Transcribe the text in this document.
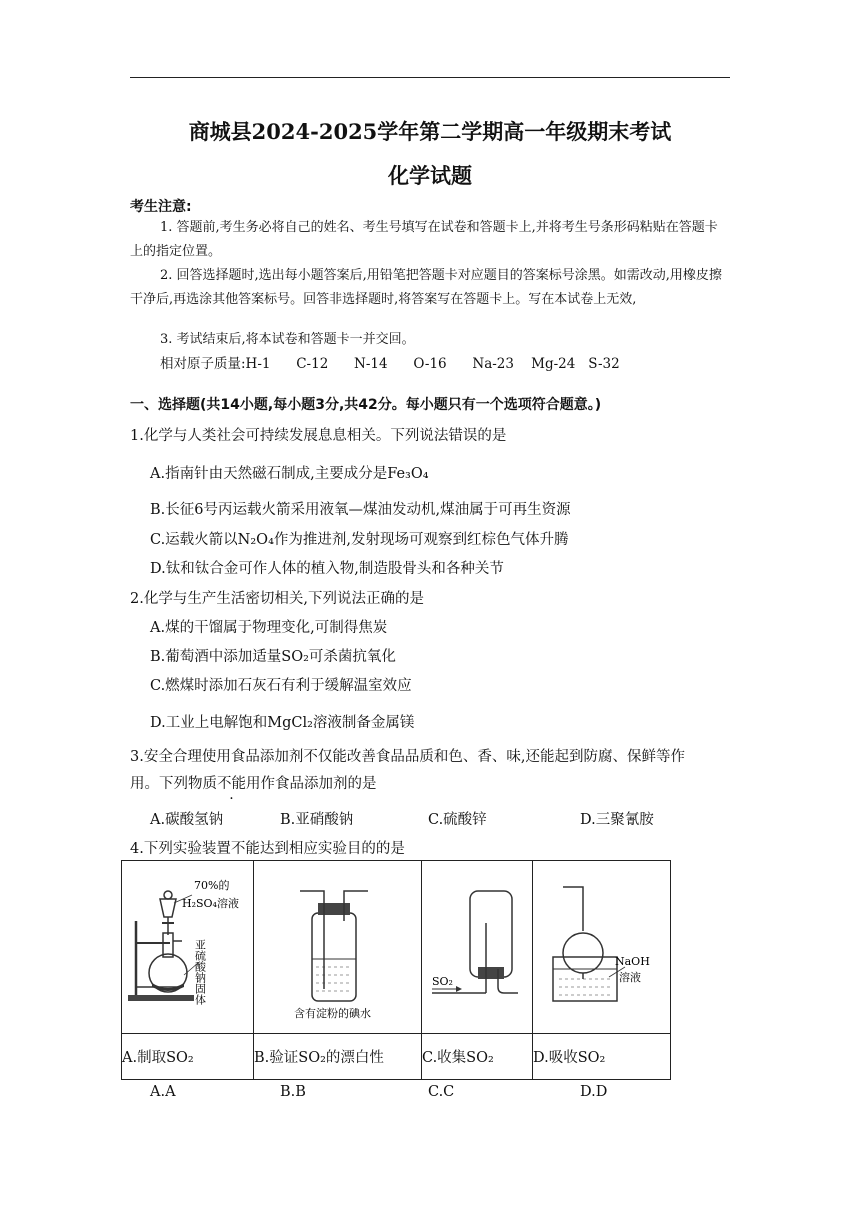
商城县2024-2025学年第二学期高一年级期末考试
化学试题
考生注意:
1. 答题前,考生务必将自己的姓名、考生号填写在试卷和答题卡上,并将考生号条形码粘贴在答题卡上的指定位置。
2. 回答选择题时,选出每小题答案后,用铅笔把答题卡对应题目的答案标号涂黑。如需改动,用橡皮擦干净后,再选涂其他答案标号。回答非选择题时,将答案写在答题卡上。写在本试卷上无效,
3. 考试结束后,将本试卷和答题卡一并交回。
相对原子质量:H-1      C-12      N-14      O-16      Na-23    Mg-24   S-32
一、选择题(共14小题,每小题3分,共42分。每小题只有一个选项符合题意。)
1.化学与人类社会可持续发展息息相关。下列说法错误的是
A.指南针由天然磁石制成,主要成分是Fe₃O₄
B.长征6号丙运载火箭采用液氧—煤油发动机,煤油属于可再生资源
C.运载火箭以N₂O₄作为推进剂,发射现场可观察到红棕色气体升腾
D.钛和钛合金可作人体的植入物,制造股骨头和各种关节
2.化学与生产生活密切相关,下列说法正确的是
A.煤的干馏属于物理变化,可制得焦炭
B.葡萄酒中添加适量SO₂可杀菌抗氧化
C.燃煤时添加石灰石有利于缓解温室效应
D.工业上电解饱和MgCl₂溶液制备金属镁
3.安全合理使用食品添加剂不仅能改善食品品质和色、香、味,还能起到防腐、保鲜等作
用。下列物质不能用作食品添加剂的是
A.碳酸氢钠	B.亚硝酸钠	C.硫酸锌	D.三聚氰胺
4.下列实验装置不能达到相应实验目的的是
70%的
H₂SO₄溶液
亚硫酸钠固体	含有淀粉的碘水	SO₂	NaOH
溶液

A.制取SO₂	B.验证SO₂的漂白性	C.收集SO₂	D.吸收SO₂
A.A	B.B	C.C	D.D
